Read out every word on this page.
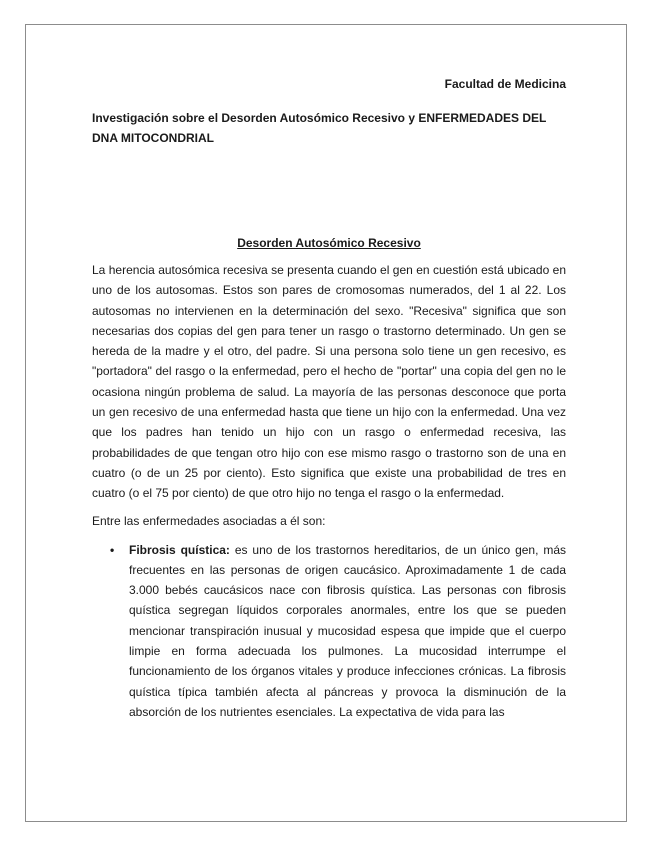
Facultad de Medicina

Investigación sobre el Desorden Autosómico Recesivo y ENFERMEDADES DEL DNA MITOCONDRIAL

Desorden Autosómico Recesivo

La herencia autosómica recesiva se presenta cuando el gen en cuestión está ubicado en uno de los autosomas. Estos son pares de cromosomas numerados, del 1 al 22. Los autosomas no intervienen en la determinación del sexo. "Recesiva" significa que son necesarias dos copias del gen para tener un rasgo o trastorno determinado. Un gen se hereda de la madre y el otro, del padre. Si una persona solo tiene un gen recesivo, es "portadora" del rasgo o la enfermedad, pero el hecho de "portar" una copia del gen no le ocasiona ningún problema de salud. La mayoría de las personas desconoce que porta un gen recesivo de una enfermedad hasta que tiene un hijo con la enfermedad. Una vez que los padres han tenido un hijo con un rasgo o enfermedad recesiva, las probabilidades de que tengan otro hijo con ese mismo rasgo o trastorno son de una en cuatro (o de un 25 por ciento). Esto significa que existe una probabilidad de tres en cuatro (o el 75 por ciento) de que otro hijo no tenga el rasgo o la enfermedad.

Entre las enfermedades asociadas a él son:

• Fibrosis quística: es uno de los trastornos hereditarios, de un único gen, más frecuentes en las personas de origen caucásico. Aproximadamente 1 de cada 3.000 bebés caucásicos nace con fibrosis quística. Las personas con fibrosis quística segregan líquidos corporales anormales, entre los que se pueden mencionar transpiración inusual y mucosidad espesa que impide que el cuerpo limpie en forma adecuada los pulmones. La mucosidad interrumpe el funcionamiento de los órganos vitales y produce infecciones crónicas. La fibrosis quística típica también afecta al páncreas y provoca la disminución de la absorción de los nutrientes esenciales. La expectativa de vida para las
